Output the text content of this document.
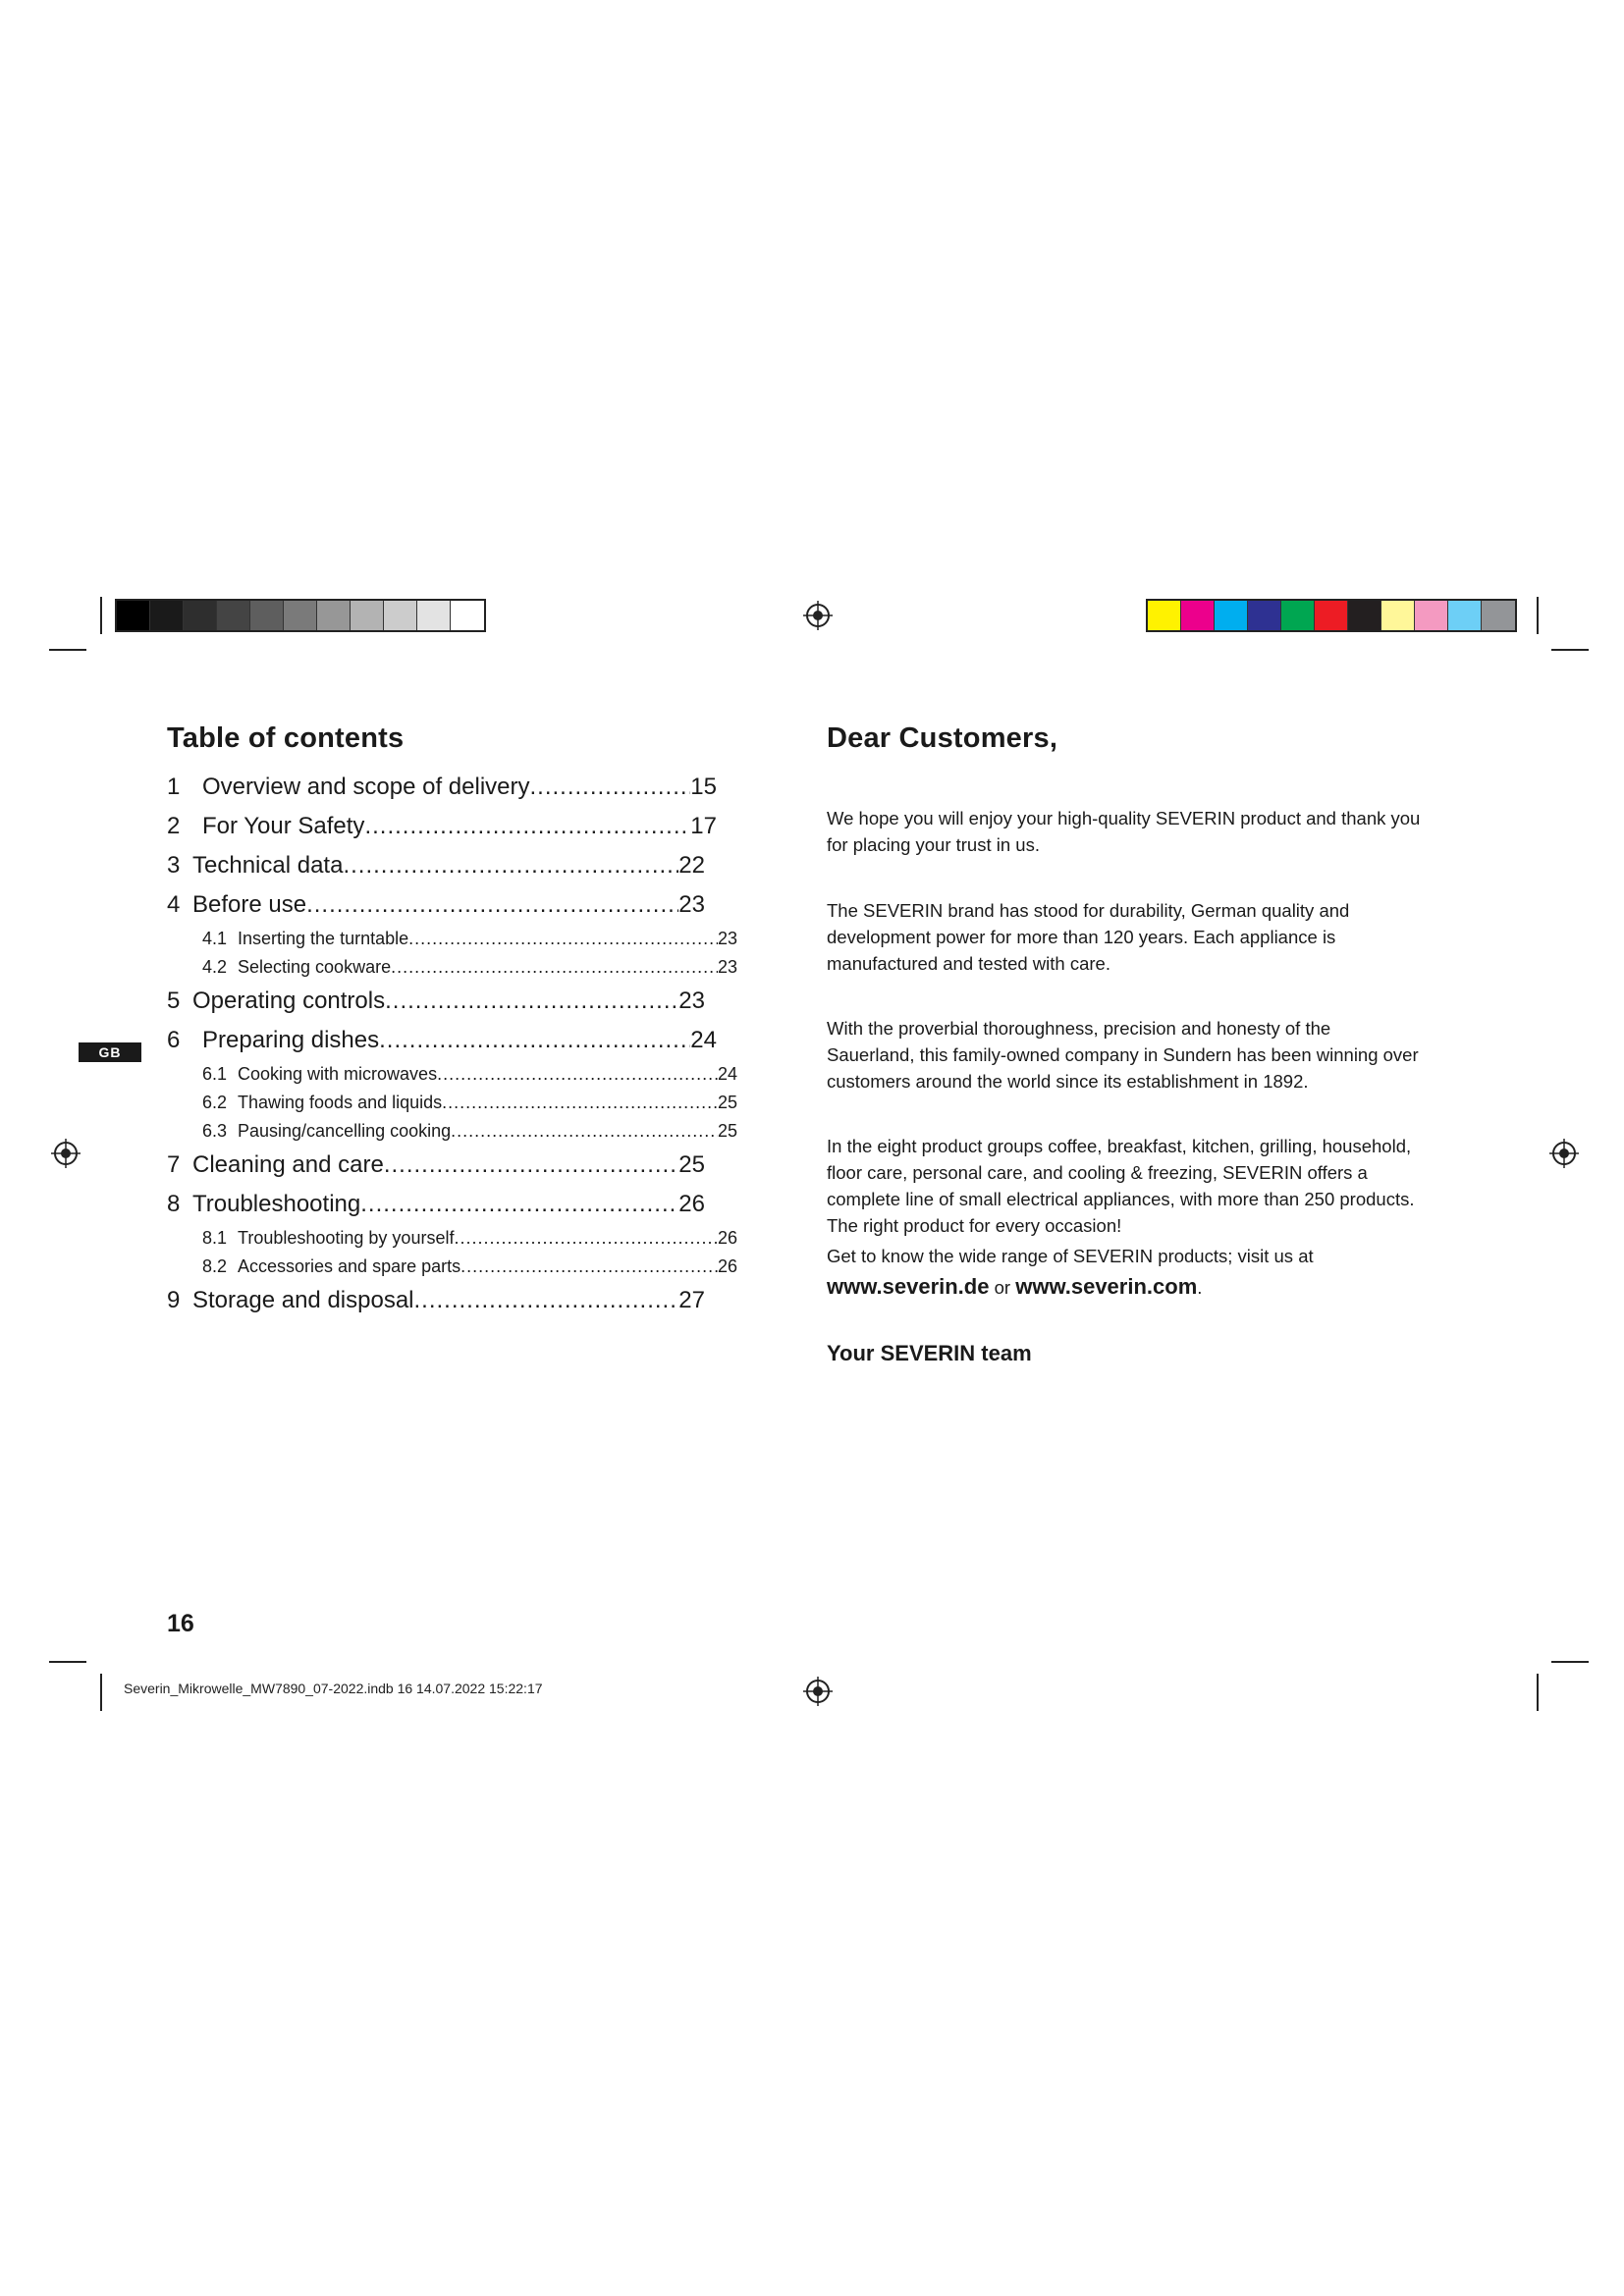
Table of contents
1 Overview and scope of delivery .....	15
2 For Your Safety .....	17
3 Technical data .....	22
4 Before use .....	23
4.1 Inserting the turntable .....	23
4.2 Selecting cookware .....	23
5 Operating controls .....	23
6 Preparing dishes .....	24
6.1 Cooking with microwaves .....	24
6.2 Thawing foods and liquids .....	25
6.3 Pausing/cancelling cooking .....	25
7 Cleaning and care .....	25
8 Troubleshooting .....	26
8.1 Troubleshooting by yourself .....	26
8.2 Accessories and spare parts .....	26
9 Storage and disposal .....	27
GB
Dear Customers,

We hope you will enjoy your high-quality SEVERIN product and thank you for placing your trust in us.

The SEVERIN brand has stood for durability, German quality and development power for more than 120 years. Each appliance is manufactured and tested with care.

With the proverbial thoroughness, precision and honesty of the Sauerland, this family-owned company in Sundern has been winning over customers around the world since its establishment in 1892.

In the eight product groups coffee, breakfast, kitchen, grilling, household, floor care, personal care, and cooling & freezing, SEVERIN offers a complete line of small electrical appliances, with more than 250 products. The right product for every occasion!

Get to know the wide range of SEVERIN products; visit us at

www.severin.de or www.severin.com.
Your SEVERIN team
16
Severin_Mikrowelle_MW7890_07-2022.indb 16 14.07.2022 15:22:17
